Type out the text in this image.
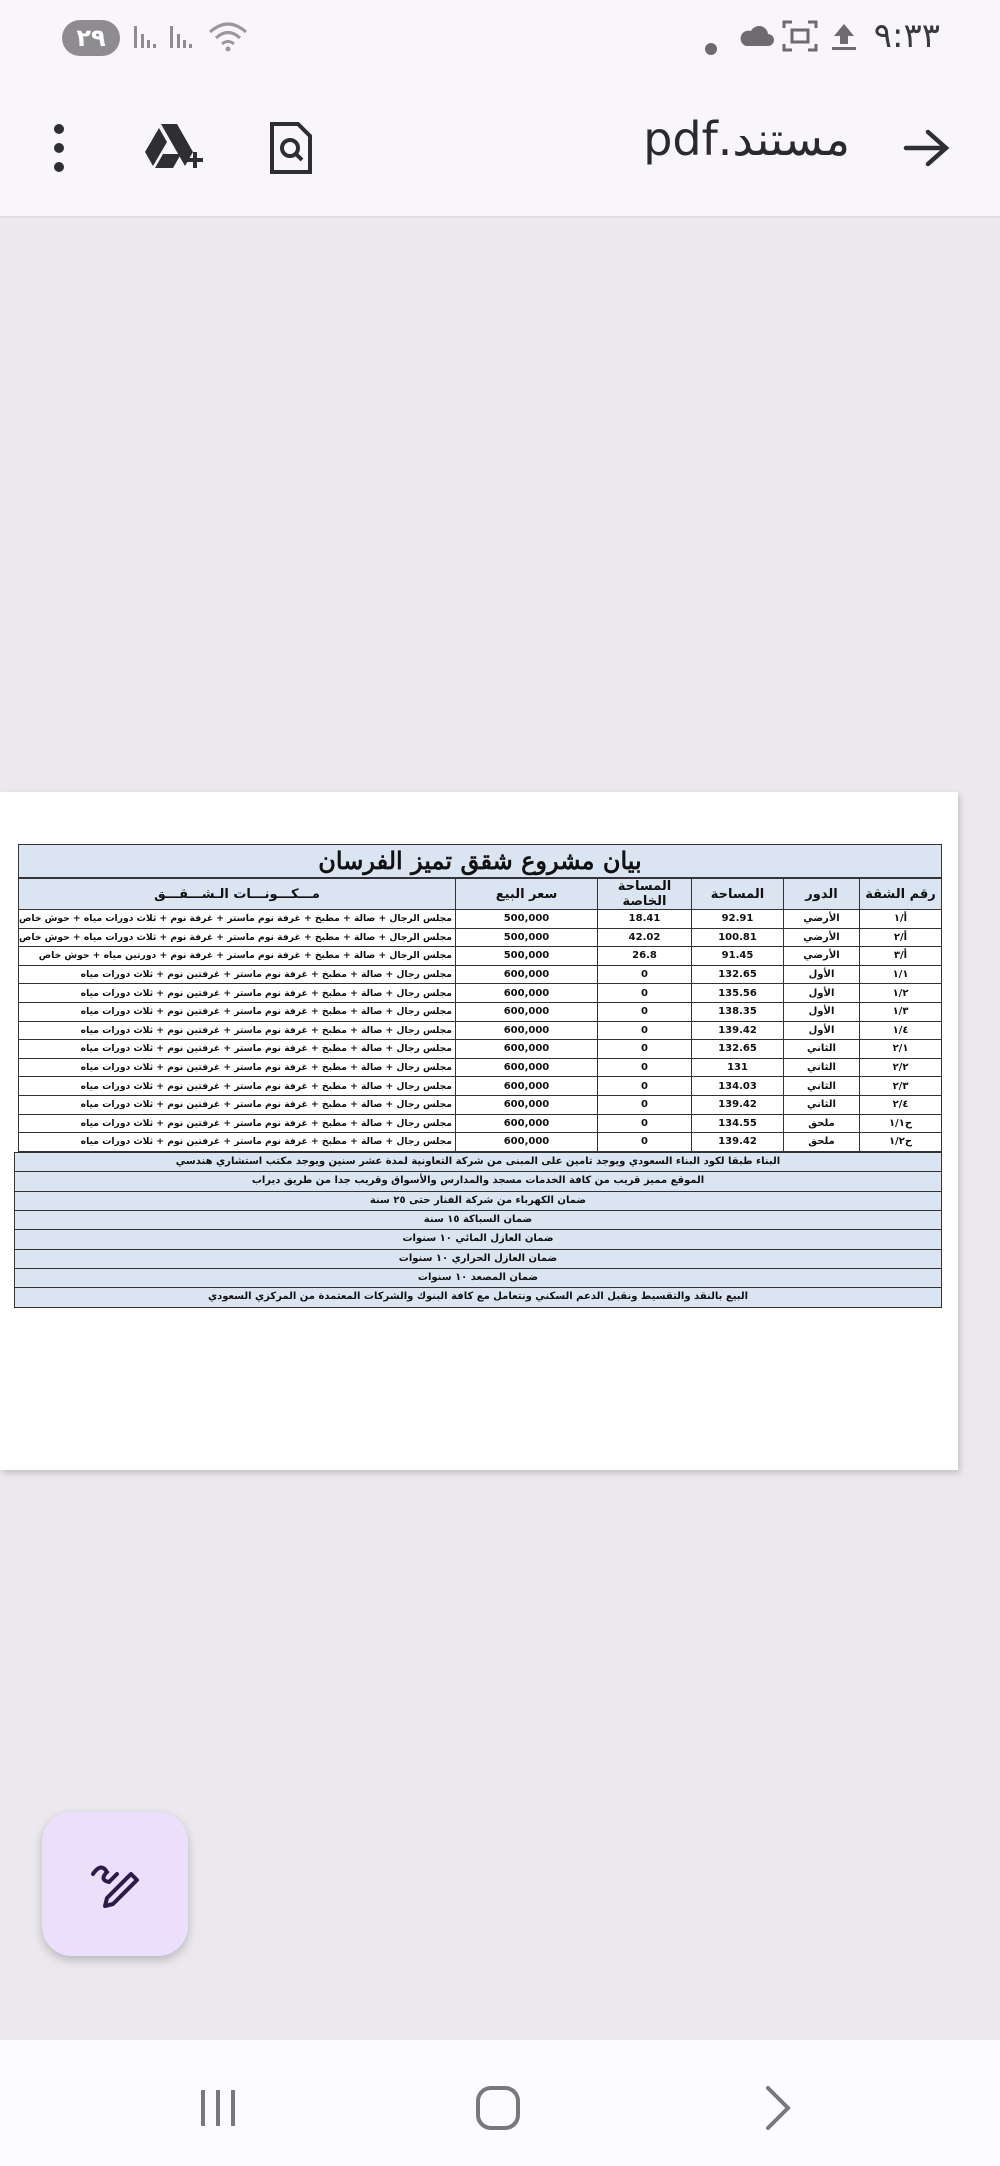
٢٩	٩:٣٣
مستند.pdf
بيان مشروع شقق تميز الفرسان
رقم الشقة	الدور	المساحة	المساحة الخاصة	سعر البيع	مـــكـــونـــات الـشـــقـــق
أ/١	الأرضي	92.91	18.41	500,000	مجلس الرجال + صالة + مطبخ + غرفة نوم ماستر + غرفة نوم + ثلاث دورات مياه + حوش خاص
أ/٢	الأرضي	100.81	42.02	500,000	مجلس الرجال + صالة + مطبخ + غرفة نوم ماستر + غرفة نوم + ثلاث دورات مياه + حوش خاص
أ/٣	الأرضي	91.45	26.8	500,000	مجلس الرجال + صالة + مطبخ + غرفة نوم ماستر + غرفة نوم + دورتين مياه + حوش خاص
١/١	الأول	132.65	0	600,000	مجلس رجال + صالة + مطبخ + غرفة نوم ماستر + غرفتين نوم + ثلاث دورات مياه
١/٢	الأول	135.56	0	600,000	مجلس رجال + صالة + مطبخ + غرفة نوم ماستر + غرفتين نوم + ثلاث دورات مياه
١/٣	الأول	138.35	0	600,000	مجلس رجال + صالة + مطبخ + غرفة نوم ماستر + غرفتين نوم + ثلاث دورات مياه
١/٤	الأول	139.42	0	600,000	مجلس رجال + صالة + مطبخ + غرفة نوم ماستر + غرفتين نوم + ثلاث دورات مياه
٢/١	الثاني	132.65	0	600,000	مجلس رجال + صالة + مطبخ + غرفة نوم ماستر + غرفتين نوم + ثلاث دورات مياه
٢/٢	الثاني	131	0	600,000	مجلس رجال + صالة + مطبخ + غرفة نوم ماستر + غرفتين نوم + ثلاث دورات مياه
٢/٣	الثاني	134.03	0	600,000	مجلس رجال + صالة + مطبخ + غرفة نوم ماستر + غرفتين نوم + ثلاث دورات مياه
٢/٤	الثاني	139.42	0	600,000	مجلس رجال + صالة + مطبخ + غرفة نوم ماستر + غرفتين نوم + ثلاث دورات مياه
ح١/١	ملحق	134.55	0	600,000	مجلس رجال + صالة + مطبخ + غرفة نوم ماستر + غرفتين نوم + ثلاث دورات مياه
ح١/٢	ملحق	139.42	0	600,000	مجلس رجال + صالة + مطبخ + غرفة نوم ماستر + غرفتين نوم + ثلاث دورات مياه
البناء طبقا لكود البناء السعودي ويوجد تامين على المبنى من شركة التعاونية لمدة عشر سنين ويوجد مكتب استشاري هندسي
الموقع مميز قريب من كافة الخدمات مسجد والمدارس والأسواق وقريب جدا من طريق ديراب
ضمان الكهرباء من شركة الفنار حتى ٢٥ سنة
ضمان السباكة ١٥ سنة
ضمان العازل المائي ١٠ سنوات
ضمان العازل الحراري ١٠ سنوات
ضمان المصعد ١٠ سنوات
البيع بالنقد والتقسيط ونقبل الدعم السكني ونتعامل مع كافة البنوك والشركات المعتمدة من المركزي السعودي
